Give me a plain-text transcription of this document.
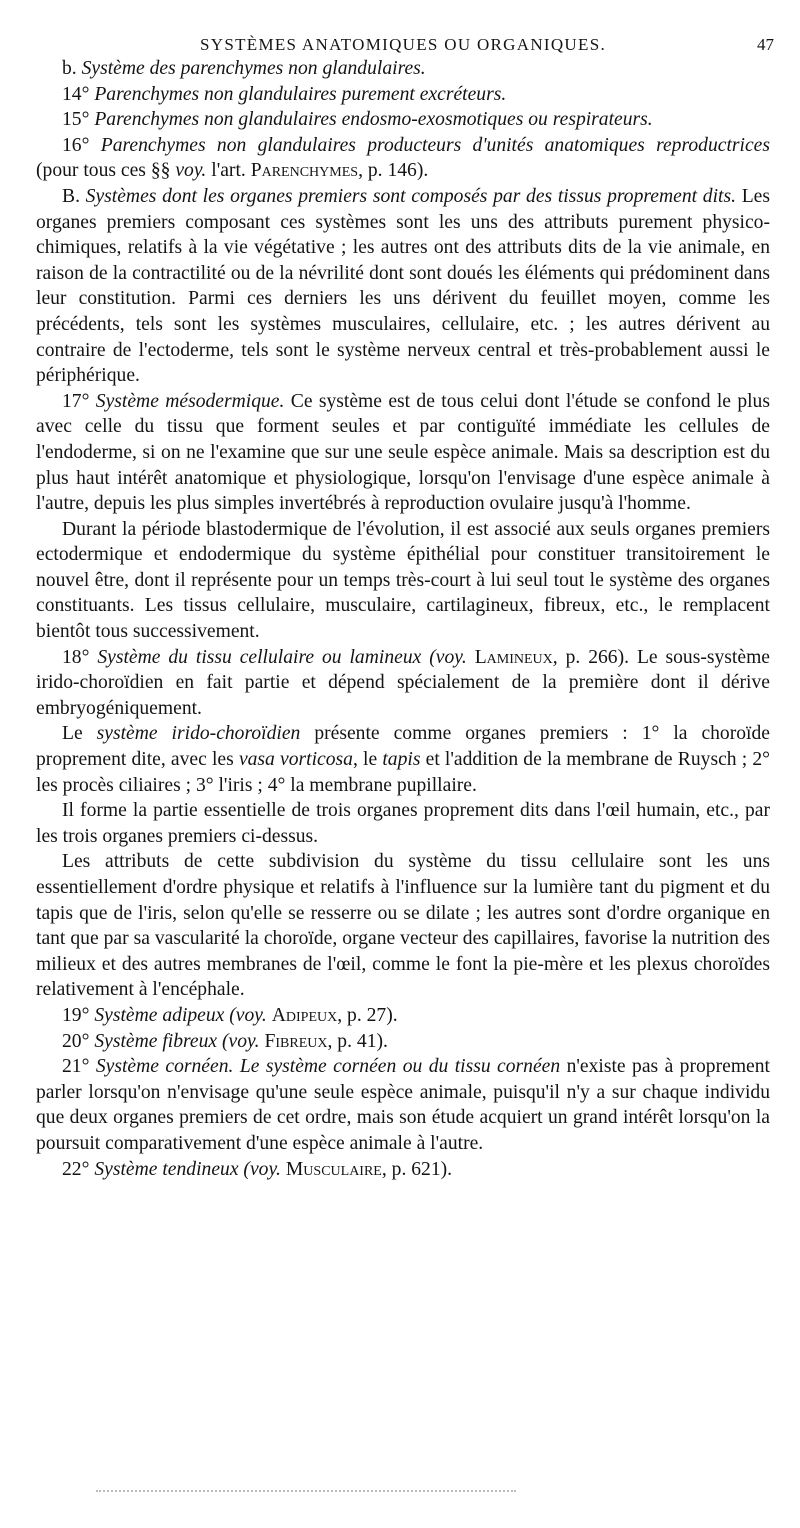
SYSTÈMES ANATOMIQUES OU ORGANIQUES.	47

b. Système des parenchymes non glandulaires.

14° Parenchymes non glandulaires purement excréteurs.

15° Parenchymes non glandulaires endosmo-exosmotiques ou respirateurs.

16° Parenchymes non glandulaires producteurs d'unités anatomiques reproductrices (pour tous ces §§ voy. l'art. Parenchymes, p. 146).

B. Systèmes dont les organes premiers sont composés par des tissus proprement dits. Les organes premiers composant ces systèmes sont les uns des attributs purement physico-chimiques, relatifs à la vie végétative ; les autres ont des attributs dits de la vie animale, en raison de la contractilité ou de la névrilité dont sont doués les éléments qui prédominent dans leur constitution. Parmi ces derniers les uns dérivent du feuillet moyen, comme les précédents, tels sont les systèmes musculaires, cellulaire, etc. ; les autres dérivent au contraire de l'ectoderme, tels sont le système nerveux central et très-probablement aussi le périphérique.

17° Système mésodermique. Ce système est de tous celui dont l'étude se confond le plus avec celle du tissu que forment seules et par contiguïté immédiate les cellules de l'endoderme, si on ne l'examine que sur une seule espèce animale. Mais sa description est du plus haut intérêt anatomique et physiologique, lorsqu'on l'envisage d'une espèce animale à l'autre, depuis les plus simples invertébrés à reproduction ovulaire jusqu'à l'homme.

Durant la période blastodermique de l'évolution, il est associé aux seuls organes premiers ectodermique et endodermique du système épithélial pour constituer transitoirement le nouvel être, dont il représente pour un temps très-court à lui seul tout le système des organes constituants. Les tissus cellulaire, musculaire, cartilagineux, fibreux, etc., le remplacent bientôt tous successivement.

18° Système du tissu cellulaire ou lamineux (voy. Lamineux, p. 266). Le sous-système irido-choroïdien en fait partie et dépend spécialement de la première dont il dérive embryogéniquement.

Le système irido-choroïdien présente comme organes premiers : 1° la choroïde proprement dite, avec les vasa vorticosa, le tapis et l'addition de la membrane de Ruysch ; 2° les procès ciliaires ; 3° l'iris ; 4° la membrane pupillaire.

Il forme la partie essentielle de trois organes proprement dits dans l'œil humain, etc., par les trois organes premiers ci-dessus.

Les attributs de cette subdivision du système du tissu cellulaire sont les uns essentiellement d'ordre physique et relatifs à l'influence sur la lumière tant du pigment et du tapis que de l'iris, selon qu'elle se resserre ou se dilate ; les autres sont d'ordre organique en tant que par sa vascularité la choroïde, organe vecteur des capillaires, favorise la nutrition des milieux et des autres membranes de l'œil, comme le font la pie-mère et les plexus choroïdes relativement à l'encéphale.

19° Système adipeux (voy. Adipeux, p. 27).

20° Système fibreux (voy. Fibreux, p. 41).

21° Système cornéen. Le système cornéen ou du tissu cornéen n'existe pas à proprement parler lorsqu'on n'envisage qu'une seule espèce animale, puisqu'il n'y a sur chaque individu que deux organes premiers de cet ordre, mais son étude acquiert un grand intérêt lorsqu'on la poursuit comparativement d'une espèce animale à l'autre.

22° Système tendineux (voy. Musculaire, p. 621).
